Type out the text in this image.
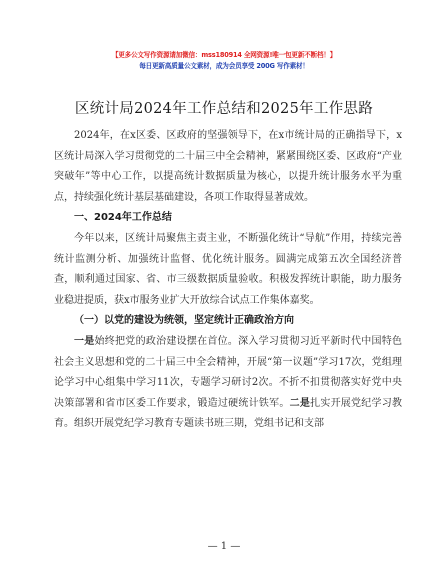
【更多公文写作资源请加微信：mss180914 全网资源!唯一包更新不断档！】
每日更新高质量公文素材，成为会员享受 200G 写作素材！
区统计局2024年工作总结和2025年工作思路

2024年，在x区委、区政府的坚强领导下，在x市统计局的正确指导下，x区统计局深入学习贯彻党的二十届三中全会精神，紧紧围绕区委、区政府“产业突破年”等中心工作，以提高统计数据质量为核心，以提升统计服务水平为重点，持续强化统计基层基础建设，各项工作取得显著成效。

一、2024年工作总结

今年以来，区统计局聚焦主责主业，不断强化统计“导航”作用，持续完善统计监测分析、加强统计监督、优化统计服务。圆满完成第五次全国经济普查，顺利通过国家、省、市三级数据质量验收。积极发挥统计职能，助力服务业稳进提质，获x市服务业扩大开放综合试点工作集体嘉奖。

（一）以党的建设为统领，坚定统计正确政治方向

一是始终把党的政治建设摆在首位。深入学习贯彻习近平新时代中国特色社会主义思想和党的二十届三中全会精神，开展“第一议题”学习17次，党组理论学习中心组集中学习11次，专题学习研讨2次。不折不扣贯彻落实好党中央决策部署和省市区委工作要求，锻造过硬统计铁军。二是扎实开展党纪学习教育。组织开展党纪学习教育专题读书班三期，党组书记和支部

— 1 —
